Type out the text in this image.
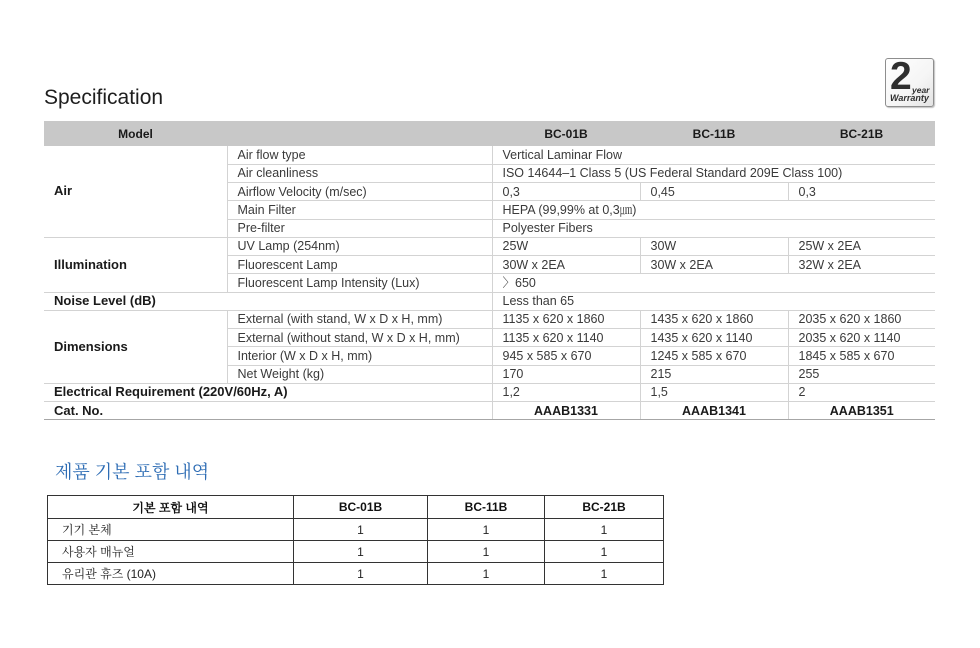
Specification	2 year
Warranty
Model		BC-01B	BC-11B	BC-21B
Air	Air flow type	Vertical Laminar Flow		
	Air cleanliness	ISO 14644–1 Class 5 (US Federal Standard 209E Class 100)		
	Airflow Velocity (m/sec)	0,3	0,45	0,3
	Main Filter	HEPA (99,99% at 0,3㎛)		
	Pre-filter	Polyester Fibers		
Illumination	UV Lamp (254nm)	25W	30W	25W x 2EA
	Fluorescent Lamp	30W x 2EA	30W x 2EA	32W x 2EA
	Fluorescent Lamp Intensity (Lux)	〉650		
Noise Level (dB)		Less than 65		
Dimensions	External (with stand, W x D x H, mm)	1135 x 620 x 1860	1435 x 620 x 1860	2035 x 620 x 1860
	External (without stand, W x D x H, mm)	1135 x 620 x 1140	1435 x 620 x 1140	2035 x 620 x 1140
	Interior (W x D x H, mm)	945 x 585 x 670	1245 x 585 x 670	1845 x 585 x 670
	Net Weight (kg)	170	215	255
Electrical Requirement (220V/60Hz, A)		1,2	1,5	2
Cat. No.		AAAB1331	AAAB1341	AAAB1351
제품 기본 포함 내역
기본 포함 내역	BC-01B	BC-11B	BC-21B
기기 본체	1	1	1
사용자 매뉴얼	1	1	1
유리관 휴즈 (10A)	1	1	1
